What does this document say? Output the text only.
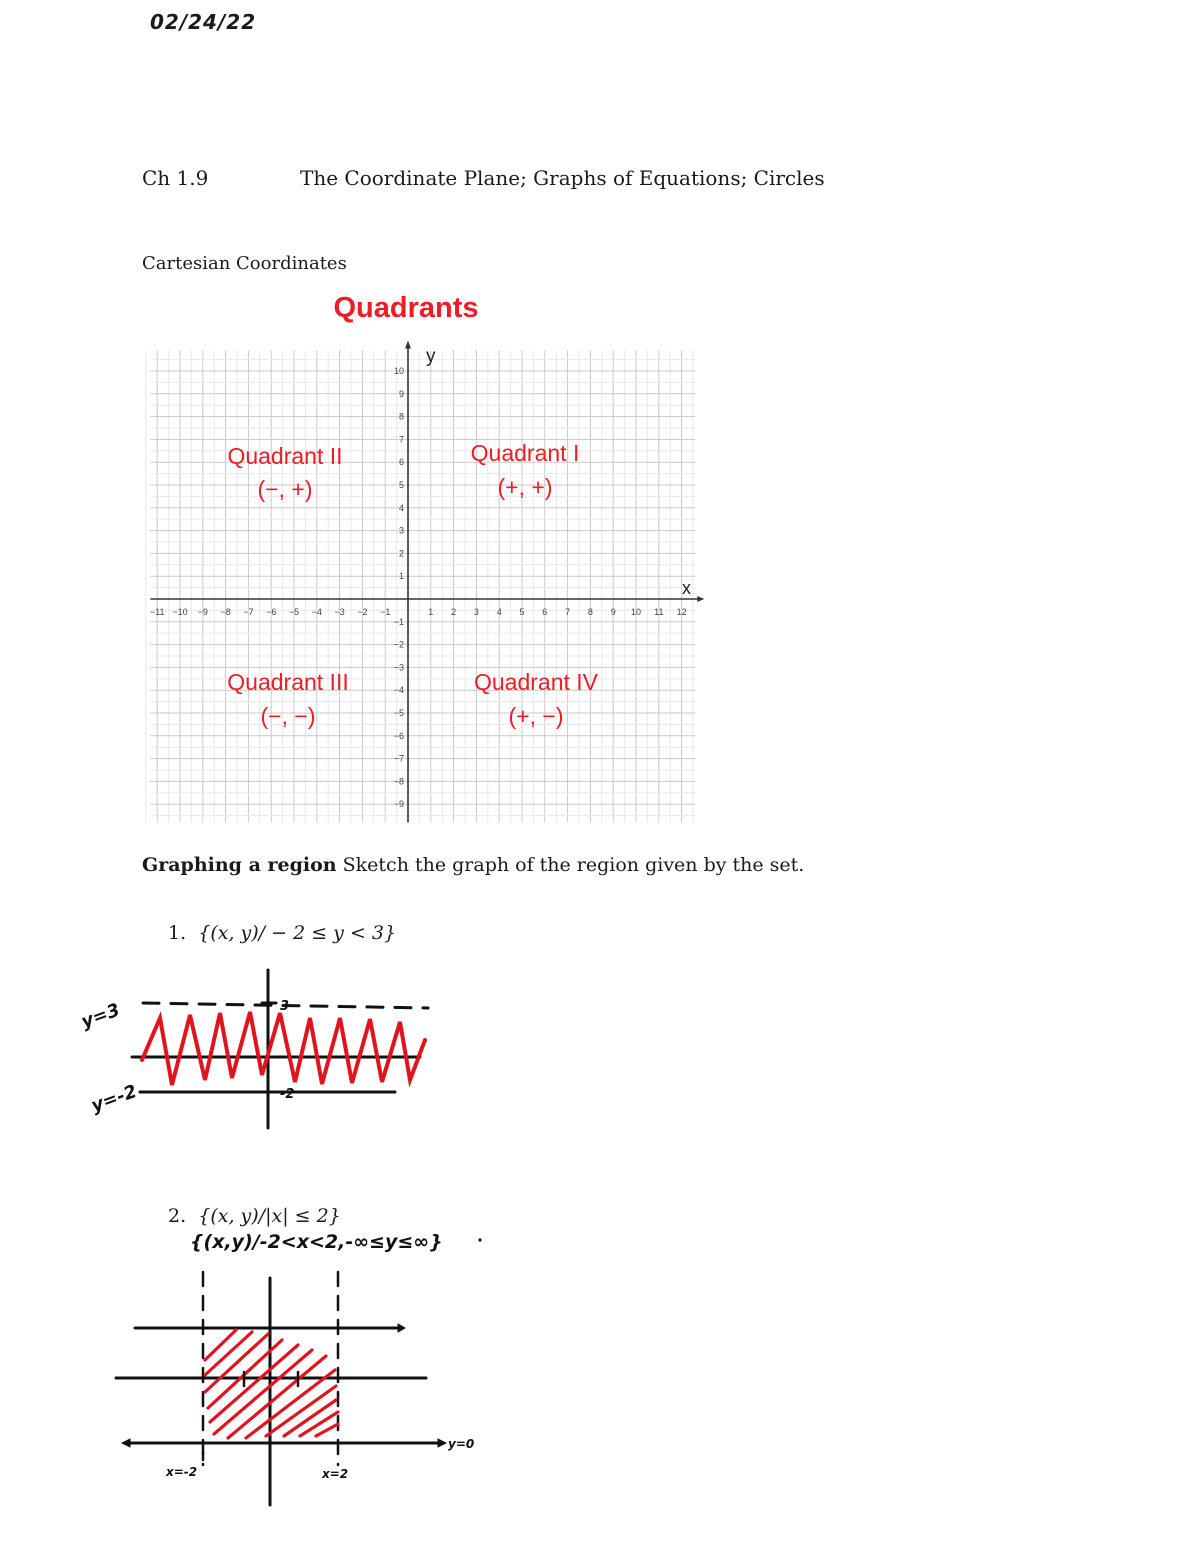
02/24/22
Ch 1.9	The Coordinate Plane; Graphs of Equations; Circles
Cartesian Coordinates
Quadrants
−11 −10 −9 −8 −7 −6 −5 −4 −3 −2 −1	1 2 3 4 5 6 7 8 9 10 11 12
−9
−8
−7
−6
−5
−4
−3
−2
−1
1
2
3
4
5
6
7
8
9
10
y
x
Quadrant II
(−, +)
Quadrant I
(+, +)
Quadrant III
(−, −)
Quadrant IV
(+, −)
y=3
y=-2
3
-2
{(x,y)/-2<x<2,-∞≤y≤∞}
x=-2	x=2
y=0
Graphing a region Sketch the graph of the region given by the set.
1. {(x, y)/ − 2 ≤ y < 3}
2. {(x, y)/|x| ≤ 2}
